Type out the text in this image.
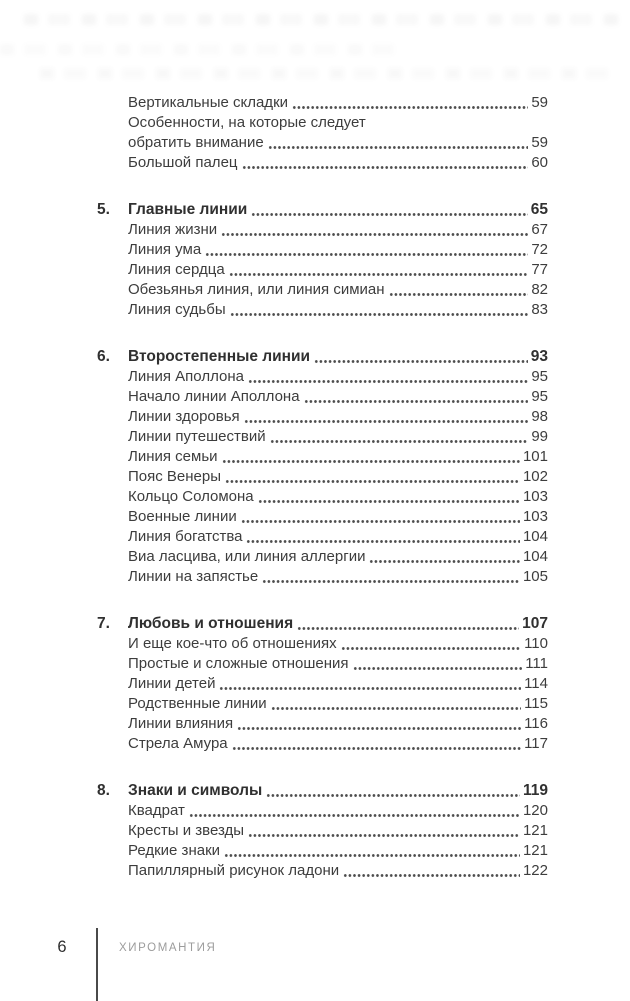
Вертикальные складки	59
Особенности, на которые следует
обратить внимание	59
Большой палец	60
5.	Главные линии	65
Линия жизни	67
Линия ума	72
Линия сердца	77
Обезьянья линия, или линия симиан	82
Линия судьбы	83
6.	Второстепенные линии	93
Линия Аполлона	95
Начало линии Аполлона	95
Линии здоровья	98
Линии путешествий	99
Линия семьи	101
Пояс Венеры	102
Кольцо Соломона	103
Военные линии	103
Линия богатства	104
Виа ласцива, или линия аллергии	104
Линии на запястье	105
7.	Любовь и отношения	107
И еще кое-что об отношениях	110
Простые и сложные отношения	111
Линии детей	114
Родственные линии	115
Линии влияния	116
Стрела Амура	117
8.	Знаки и символы	119
Квадрат	120
Кресты и звезды	121
Редкие знаки	121
Папиллярный рисунок ладони	122
6	ХИРОМАНТИЯ
